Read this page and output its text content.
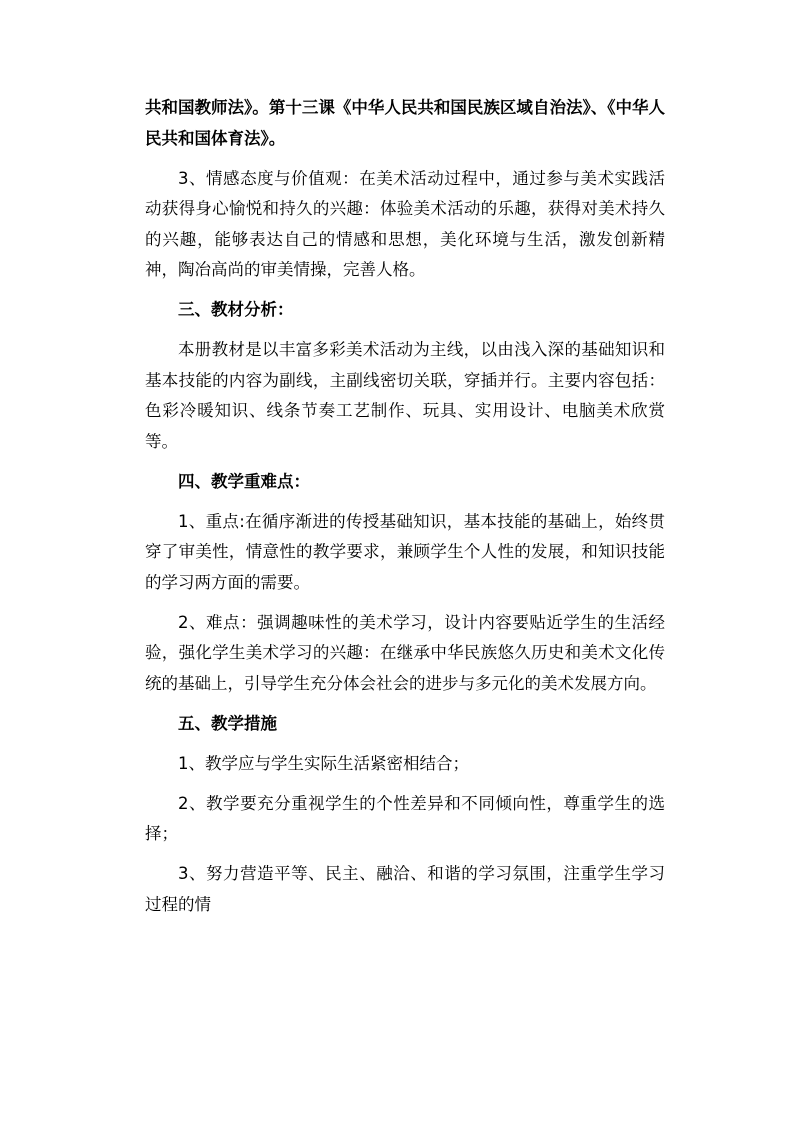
共和国教师法》。第十三课《中华人民共和国民族区域自治法》、《中华人民共和国体育法》。

3、情感态度与价值观：在美术活动过程中，通过参与美术实践活动获得身心愉悦和持久的兴趣：体验美术活动的乐趣，获得对美术持久的兴趣，能够表达自己的情感和思想，美化环境与生活，激发创新精神，陶冶高尚的审美情操，完善人格。

三、教材分析：

本册教材是以丰富多彩美术活动为主线，以由浅入深的基础知识和基本技能的内容为副线，主副线密切关联，穿插并行。主要内容包括：色彩冷暖知识、线条节奏工艺制作、玩具、实用设计、电脑美术欣赏等。

四、教学重难点：

1、重点:在循序渐进的传授基础知识，基本技能的基础上，始终贯穿了审美性，情意性的教学要求，兼顾学生个人性的发展，和知识技能的学习两方面的需要。

2、难点：强调趣味性的美术学习，设计内容要贴近学生的生活经验，强化学生美术学习的兴趣：在继承中华民族悠久历史和美术文化传统的基础上，引导学生充分体会社会的进步与多元化的美术发展方向。

五、教学措施

1、教学应与学生实际生活紧密相结合；

2、教学要充分重视学生的个性差异和不同倾向性，尊重学生的选择；

3、努力营造平等、民主、融洽、和谐的学习氛围，注重学生学习过程的情
